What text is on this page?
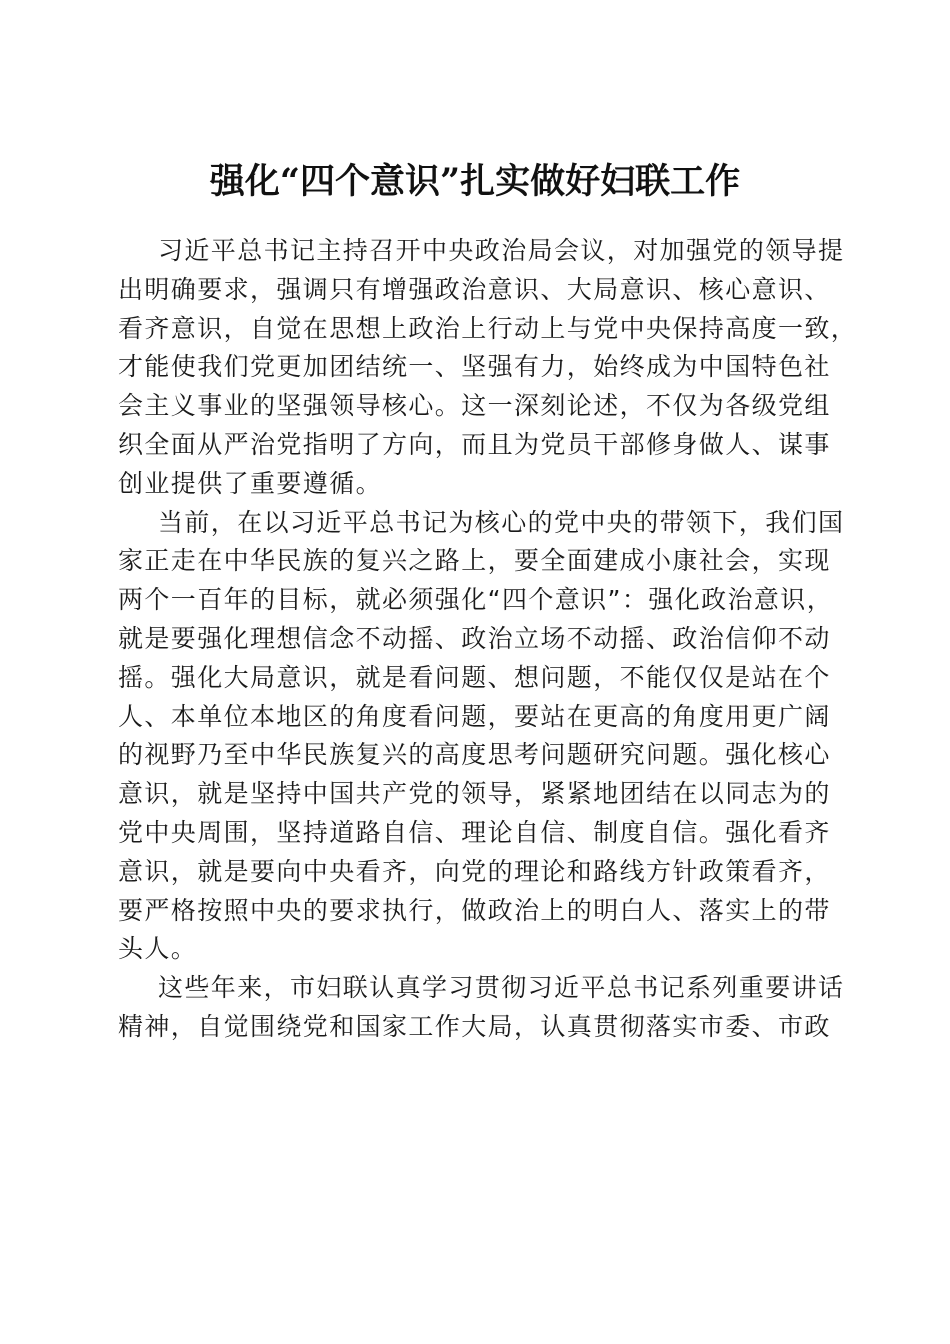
强化“四个意识”扎实做好妇联工作

习近平总书记主持召开中央政治局会议，对加强党的领导提
出明确要求，强调只有增强政治意识、大局意识、核心意识、
看齐意识，自觉在思想上政治上行动上与党中央保持高度一致，
才能使我们党更加团结统一、坚强有力，始终成为中国特色社
会主义事业的坚强领导核心。这一深刻论述，不仅为各级党组
织全面从严治党指明了方向，而且为党员干部修身做人、谋事
创业提供了重要遵循。

当前，在以习近平总书记为核心的党中央的带领下，我们国
家正走在中华民族的复兴之路上，要全面建成小康社会，实现
两个一百年的目标，就必须强化“四个意识”：强化政治意识，
就是要强化理想信念不动摇、政治立场不动摇、政治信仰不动
摇。强化大局意识，就是看问题、想问题，不能仅仅是站在个
人、本单位本地区的角度看问题，要站在更高的角度用更广阔
的视野乃至中华民族复兴的高度思考问题研究问题。强化核心
意识，就是坚持中国共产党的领导，紧紧地团结在以同志为的
党中央周围，坚持道路自信、理论自信、制度自信。强化看齐
意识，就是要向中央看齐，向党的理论和路线方针政策看齐，
要严格按照中央的要求执行，做政治上的明白人、落实上的带
头人。

这些年来，市妇联认真学习贯彻习近平总书记系列重要讲话
精神，自觉围绕党和国家工作大局，认真贯彻落实市委、市政
